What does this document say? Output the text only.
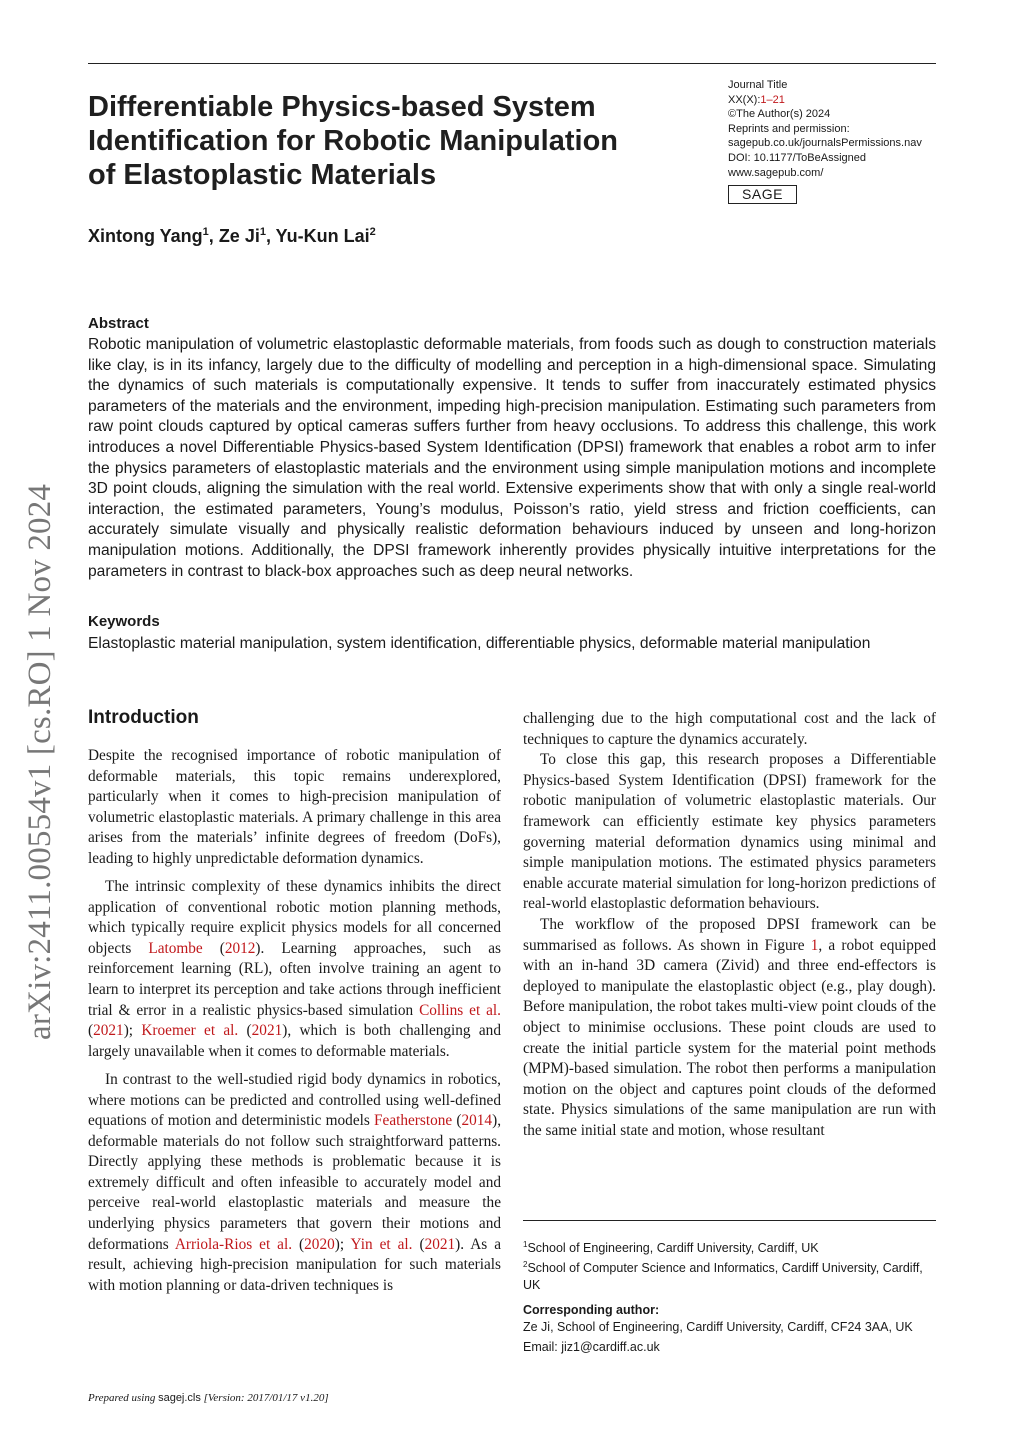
Journal Title
XX(X):1–21
©The Author(s) 2024
Reprints and permission:
sagepub.co.uk/journalsPermissions.nav
DOI: 10.1177/ToBeAssigned
www.sagepub.com/
SAGE
Differentiable Physics-based System
Identification for Robotic Manipulation
of Elastoplastic Materials
Xintong Yang$^1$, Ze Ji$^1$, Yu-Kun Lai$^2$
Abstract
Robotic manipulation of volumetric elastoplastic deformable materials, from foods such as dough to construction materials like clay, is in its infancy, largely due to the difficulty of modelling and perception in a high-dimensional space. Simulating the dynamics of such materials is computationally expensive. It tends to suffer from inaccurately estimated physics parameters of the materials and the environment, impeding high-precision manipulation. Estimating such parameters from raw point clouds captured by optical cameras suffers further from heavy occlusions. To address this challenge, this work introduces a novel Differentiable Physics-based System Identification (DPSI) framework that enables a robot arm to infer the physics parameters of elastoplastic materials and the environment using simple manipulation motions and incomplete 3D point clouds, aligning the simulation with the real world. Extensive experiments show that with only a single real-world interaction, the estimated parameters, Young’s modulus, Poisson’s ratio, yield stress and friction coefficients, can accurately simulate visually and physically realistic deformation behaviours induced by unseen and long-horizon manipulation motions. Additionally, the DPSI framework inherently provides physically intuitive interpretations for the parameters in contrast to black-box approaches such as deep neural networks.
Keywords
Elastoplastic material manipulation, system identification, differentiable physics, deformable material manipulation
arXiv:2411.00554v1 [cs.RO] 1 Nov 2024 Introduction

Despite the recognised importance of robotic manipulation of deformable materials, this topic remains underexplored, particularly when it comes to high-precision manipulation of volumetric elastoplastic materials. A primary challenge in this area arises from the materials’ infinite degrees of freedom (DoFs), leading to highly unpredictable deformation dynamics.

The intrinsic complexity of these dynamics inhibits the direct application of conventional robotic motion planning methods, which typically require explicit physics models for all concerned objects Latombe (2012). Learning approaches, such as reinforcement learning (RL), often involve training an agent to learn to interpret its perception and take actions through inefficient trial & error in a realistic physics-based simulation Collins et al. (2021); Kroemer et al. (2021), which is both challenging and largely unavailable when it comes to deformable materials.

In contrast to the well-studied rigid body dynamics in robotics, where motions can be predicted and controlled using well-defined equations of motion and deterministic models Featherstone (2014), deformable materials do not follow such straightforward patterns. Directly applying these methods is problematic because it is extremely difficult and often infeasible to accurately model and perceive real-world elastoplastic materials and measure the underlying physics parameters that govern their motions and deformations Arriola-Rios et al. (2020); Yin et al. (2021). As a result, achieving high-precision manipulation for such materials with motion planning or data-driven techniques is

challenging due to the high computational cost and the lack of techniques to capture the dynamics accurately.

To close this gap, this research proposes a Differentiable Physics-based System Identification (DPSI) framework for the robotic manipulation of volumetric elastoplastic materials. Our framework can efficiently estimate key physics parameters governing material deformation dynamics using minimal and simple manipulation motions. The estimated physics parameters enable accurate material simulation for long-horizon predictions of real-world elastoplastic deformation behaviours.

The workflow of the proposed DPSI framework can be summarised as follows. As shown in Figure 1, a robot equipped with an in-hand 3D camera (Zivid) and three end-effectors is deployed to manipulate the elastoplastic object (e.g., play dough). Before manipulation, the robot takes multi-view point clouds of the object to minimise occlusions. These point clouds are used to create the initial particle system for the material point methods (MPM)-based simulation. The robot then performs a manipulation motion on the object and captures point clouds of the deformed state. Physics simulations of the same manipulation are run with the same initial state and motion, whose resultant

$^1$School of Engineering, Cardiff University, Cardiff, UK
$^2$School of Computer Science and Informatics, Cardiff University, Cardiff, UK
Corresponding author:
Ze Ji, School of Engineering, Cardiff University, Cardiff, CF24 3AA, UK
Email: jiz1@cardiff.ac.uk
Prepared using sagej.cls [Version: 2017/01/17 v1.20]
